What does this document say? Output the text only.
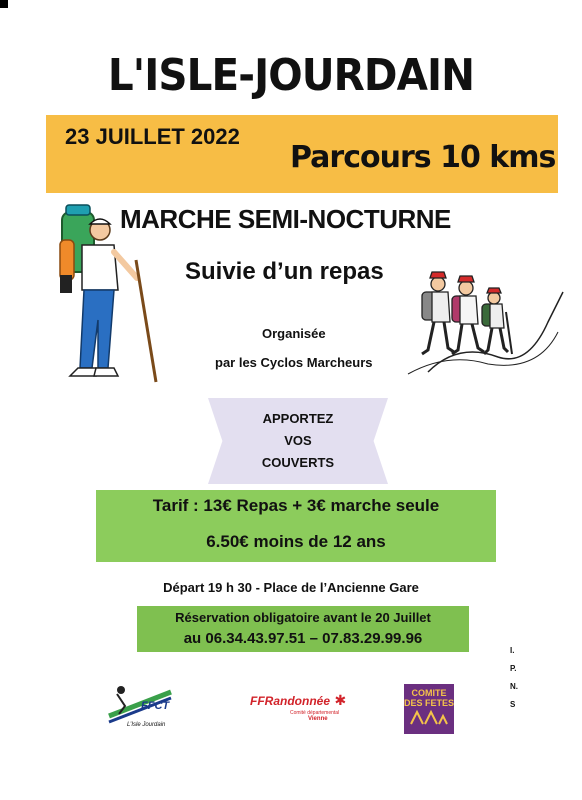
L'ISLE-JOURDAIN
23 JUILLET 2022
Parcours 10 kms
MARCHE SEMI-NOCTURNE
Suivie d’un repas
Organisée
par les Cyclos Marcheurs
APPORTEZ
VOS
COUVERTS
Tarif : 13€ Repas + 3€ marche seule
6.50€ moins de 12 ans
Départ 19 h 30 - Place de l’Ancienne Gare
Réservation obligatoire avant le 20 Juillet
au 06.34.43.97.51 – 07.83.29.99.96
I.
P.
N.
S
FFCT
L’Isle Jourdain
FFRandonnée ✱
Comité départemental
Vienne
COMITE
DES FETES
